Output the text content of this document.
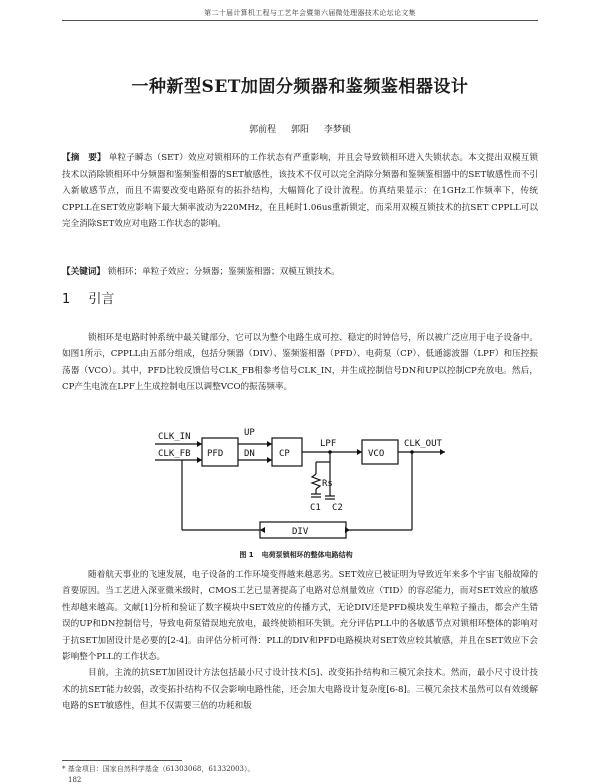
第二十届计算机工程与工艺年会暨第六届微处理器技术论坛论文集
一种新型SET加固分频器和鉴频鉴相器设计
郭前程 郭阳 李梦硕
【摘　要】 单粒子瞬态（SET）效应对锁相环的工作状态有严重影响，并且会导致锁相环进入失锁状态。本文提出双模互锁技术以消除锁相环中分频器和鉴频鉴相器的SET敏感性，该技术不仅可以完全消除分频器和鉴频鉴相器中的SET敏感性而不引入新敏感节点，而且不需要改变电路原有的拓扑结构，大幅简化了设计流程。仿真结果显示：在1GHz工作频率下，传统CPPLL在SET效应影响下最大频率波动为220MHz，在且耗时1.06us重新锁定，而采用双模互锁技术的抗SET CPPLL可以完全消除SET效应对电路工作状态的影响。
【关键词】 锁相环；单粒子效应；分频器；鉴频鉴相器；双模互锁技术。
1 引言
锁相环是电路时钟系统中最关键部分，它可以为整个电路生成可控、稳定的时钟信号，所以被广泛应用于电子设备中。如图1所示，CPPLL由五部分组成，包括分频器（DIV）、鉴频鉴相器（PFD）、电荷泵（CP）、低通滤波器（LPF）和压控振荡器（VCO）。其中，PFD比较反馈信号CLK_FB相参考信号CLK_IN，并生成控制信号DN和UP以控制CP充放电。然后，CP产生电流在LPF上生成控制电压以调整VCO的振荡频率。
CLK_IN
CLK_FB PFD
UP
DN	CP
LPF
VCO
CLK_OUT
Rs
C1 C2
DIV
图 1 电荷泵锁相环的整体电路结构
随着航天事业的飞速发展，电子设备的工作环境变得越来越恶劣。SET效应已被证明为导致近年来多个宇宙飞船故障的首要原因。当工艺进入深亚微米级时，CMOS工艺已显著提高了电路对总剂量效应（TID）的容忍能力，而对SET效应的敏感性却越来越高。文献[1]分析和验证了数字模块中SET效应的传播方式，无论DIV还是PFD模块发生单粒子撞击，都会产生错误的UP和DN控制信号，导致电荷泵错误地充放电，最终使锁相环失锁。充分评估PLL中的各敏感节点对锁相环整体的影响对于抗SET加固设计是必要的[2-4]。由评估分析可得：PLL的DIV和PFD电路模块对SET效应较其敏感，并且在SET效应下会影响整个PLL的工作状态。
目前，主流的抗SET加固设计方法包括最小尺寸设计技术[5]、改变拓扑结构和三模冗余技术。然而，最小尺寸设计技术的抗SET能力较弱，改变拓扑结构不仅会影响电路性能，还会加大电路设计复杂度[6-8]。三模冗余技术虽然可以有效缓解电路的SET敏感性，但其不仅需要三倍的功耗和版
* 基金项目：国家自然科学基金（61303068，61332003）。
182
